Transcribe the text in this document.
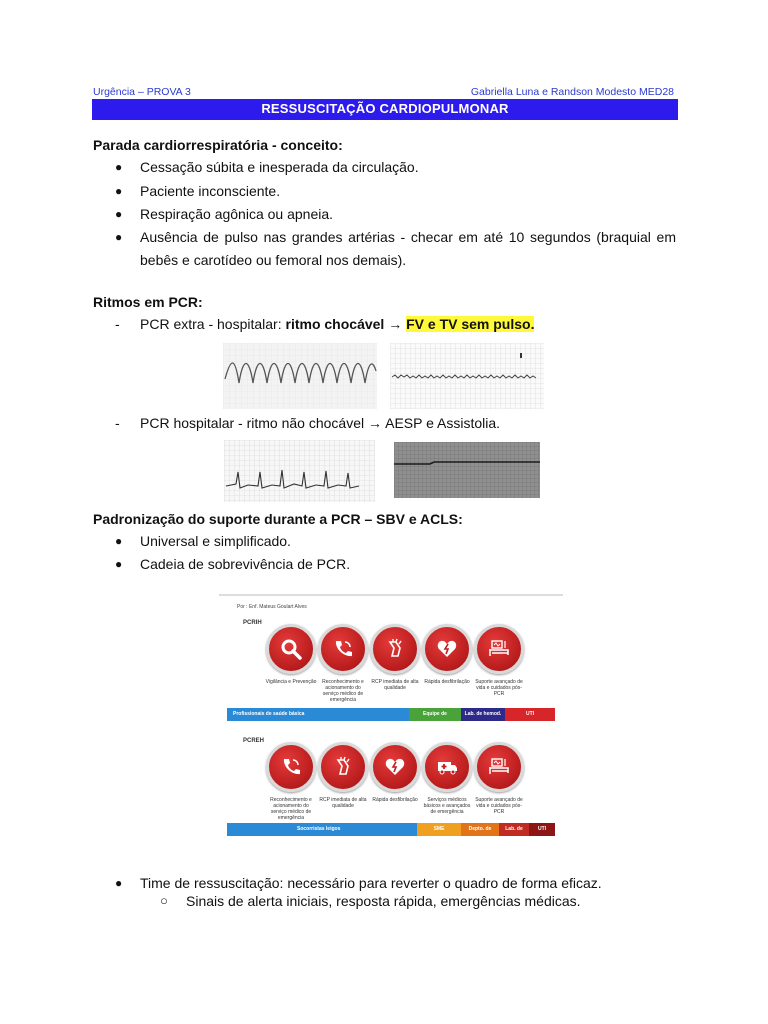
Urgência – PROVA 3	Gabriella Luna e Randson Modesto MED28
RESSUSCITAÇÃO CARDIOPULMONAR
Parada cardiorrespiratória - conceito:
● Cessação súbita e inesperada da circulação.
● Paciente inconsciente.
● Respiração agônica ou apneia.
● Ausência de pulso nas grandes artérias - checar em até 10 segundos (braquial em bebês e carotídeo ou femoral nos demais).
Ritmos em PCR:
- PCR extra - hospitalar: ritmo chocável → FV e TV sem pulso.
- PCR hospitalar - ritmo não chocável → AESP e Assistolia.
Padronização do suporte durante a PCR – SBV e ACLS:
● Universal e simplificado.
● Cadeia de sobrevivência de PCR.
Por : Enf. Mateus Goulart Alves
PCRIH
Vigilância e Prevenção	Reconhecimento e acionamento do serviço médico de emergência
RCP imediata de alta qualidade
Rápida desfibrilação	Suporte avançado de vida e cuidados pós-PCR
Profissionais de saúde básica	Equipe de ressuscitação
Lab. de hemod.	UTI
PCREH
Reconhecimento e acionamento do serviço médico de emergência
RCP imediata de alta qualidade
Rápida desfibrilação	Serviços médicos básicos e avançados de emergência
Suporte avançado de vida e cuidados pós-PCR
Socorristas leigos	SME	Depto. de Emergência
Lab. de hemod.
UTI
● Time de ressuscitação: necessário para reverter o quadro de forma eficaz.
○ Sinais de alerta iniciais, resposta rápida, emergências médicas.
